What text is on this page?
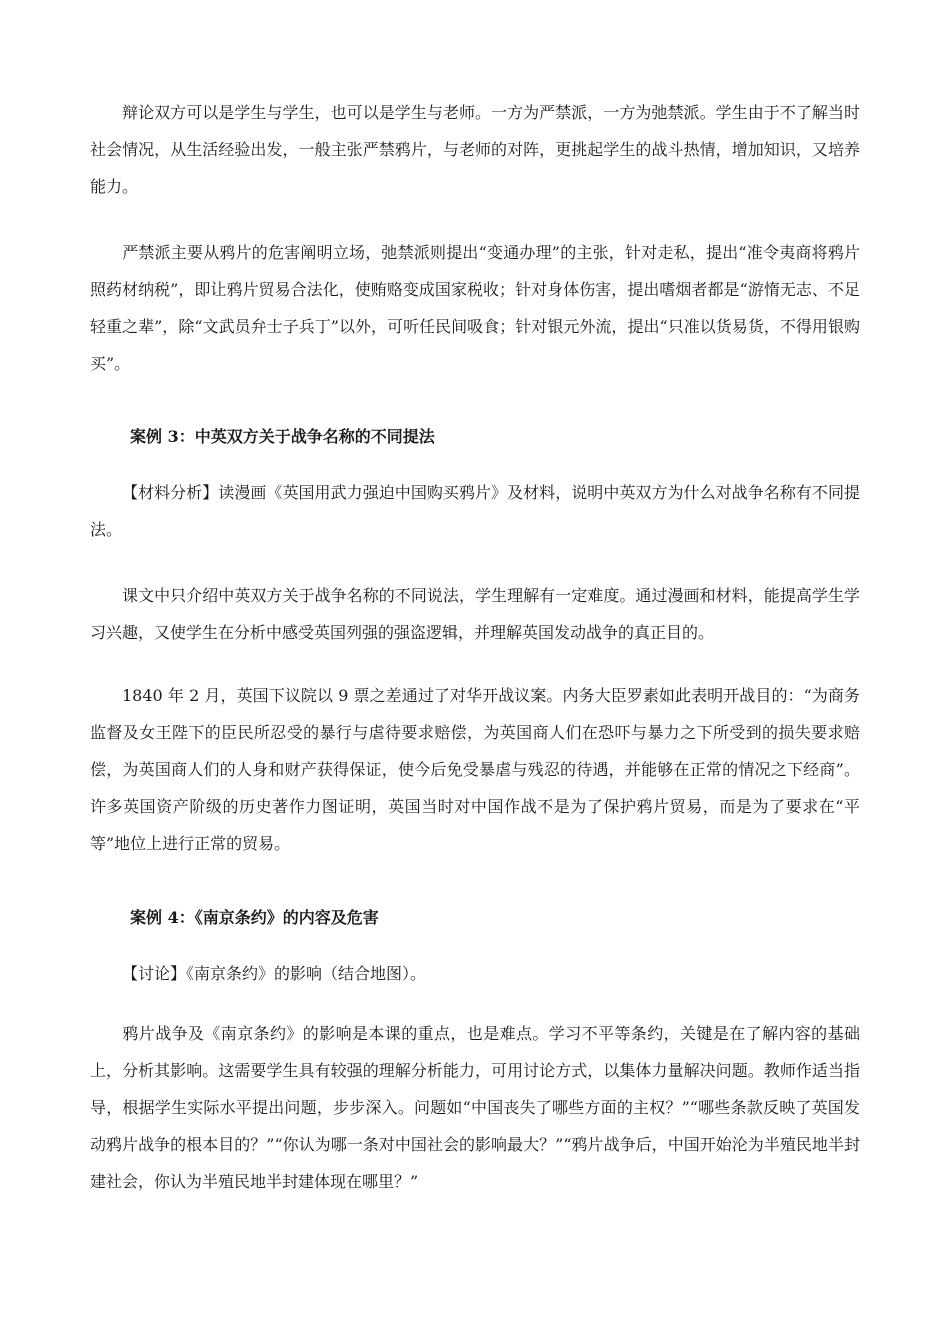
辩论双方可以是学生与学生，也可以是学生与老师。一方为严禁派，一方为弛禁派。学生由于不了解当时社会情况，从生活经验出发，一般主张严禁鸦片，与老师的对阵，更挑起学生的战斗热情，增加知识，又培养能力。

严禁派主要从鸦片的危害阐明立场，弛禁派则提出“变通办理”的主张，针对走私，提出“准令夷商将鸦片照药材纳税”，即让鸦片贸易合法化，使贿赂变成国家税收；针对身体伤害，提出嗜烟者都是“游惰无志、不足轻重之辈”，除“文武员弁士子兵丁”以外，可听任民间吸食；针对银元外流，提出“只准以货易货，不得用银购买”。

案例 3：中英双方关于战争名称的不同提法

【材料分析】读漫画《英国用武力强迫中国购买鸦片》及材料，说明中英双方为什么对战争名称有不同提法。

课文中只介绍中英双方关于战争名称的不同说法，学生理解有一定难度。通过漫画和材料，能提高学生学习兴趣，又使学生在分析中感受英国列强的强盗逻辑，并理解英国发动战争的真正目的。

1840 年 2 月，英国下议院以 9 票之差通过了对华开战议案。内务大臣罗素如此表明开战目的：“为商务监督及女王陛下的臣民所忍受的暴行与虐待要求赔偿，为英国商人们在恐吓与暴力之下所受到的损失要求赔偿，为英国商人们的人身和财产获得保证，使今后免受暴虐与残忍的待遇，并能够在正常的情况之下经商”。许多英国资产阶级的历史著作力图证明，英国当时对中国作战不是为了保护鸦片贸易，而是为了要求在“平等”地位上进行正常的贸易。

案例 4：《南京条约》的内容及危害

【讨论】《南京条约》的影响（结合地图）。

鸦片战争及《南京条约》的影响是本课的重点，也是难点。学习不平等条约，关键是在了解内容的基础上，分析其影响。这需要学生具有较强的理解分析能力，可用讨论方式，以集体力量解决问题。教师作适当指导，根据学生实际水平提出问题，步步深入。问题如“中国丧失了哪些方面的主权？”“哪些条款反映了英国发动鸦片战争的根本目的？”“你认为哪一条对中国社会的影响最大？”“鸦片战争后，中国开始沦为半殖民地半封建社会，你认为半殖民地半封建体现在哪里？”
